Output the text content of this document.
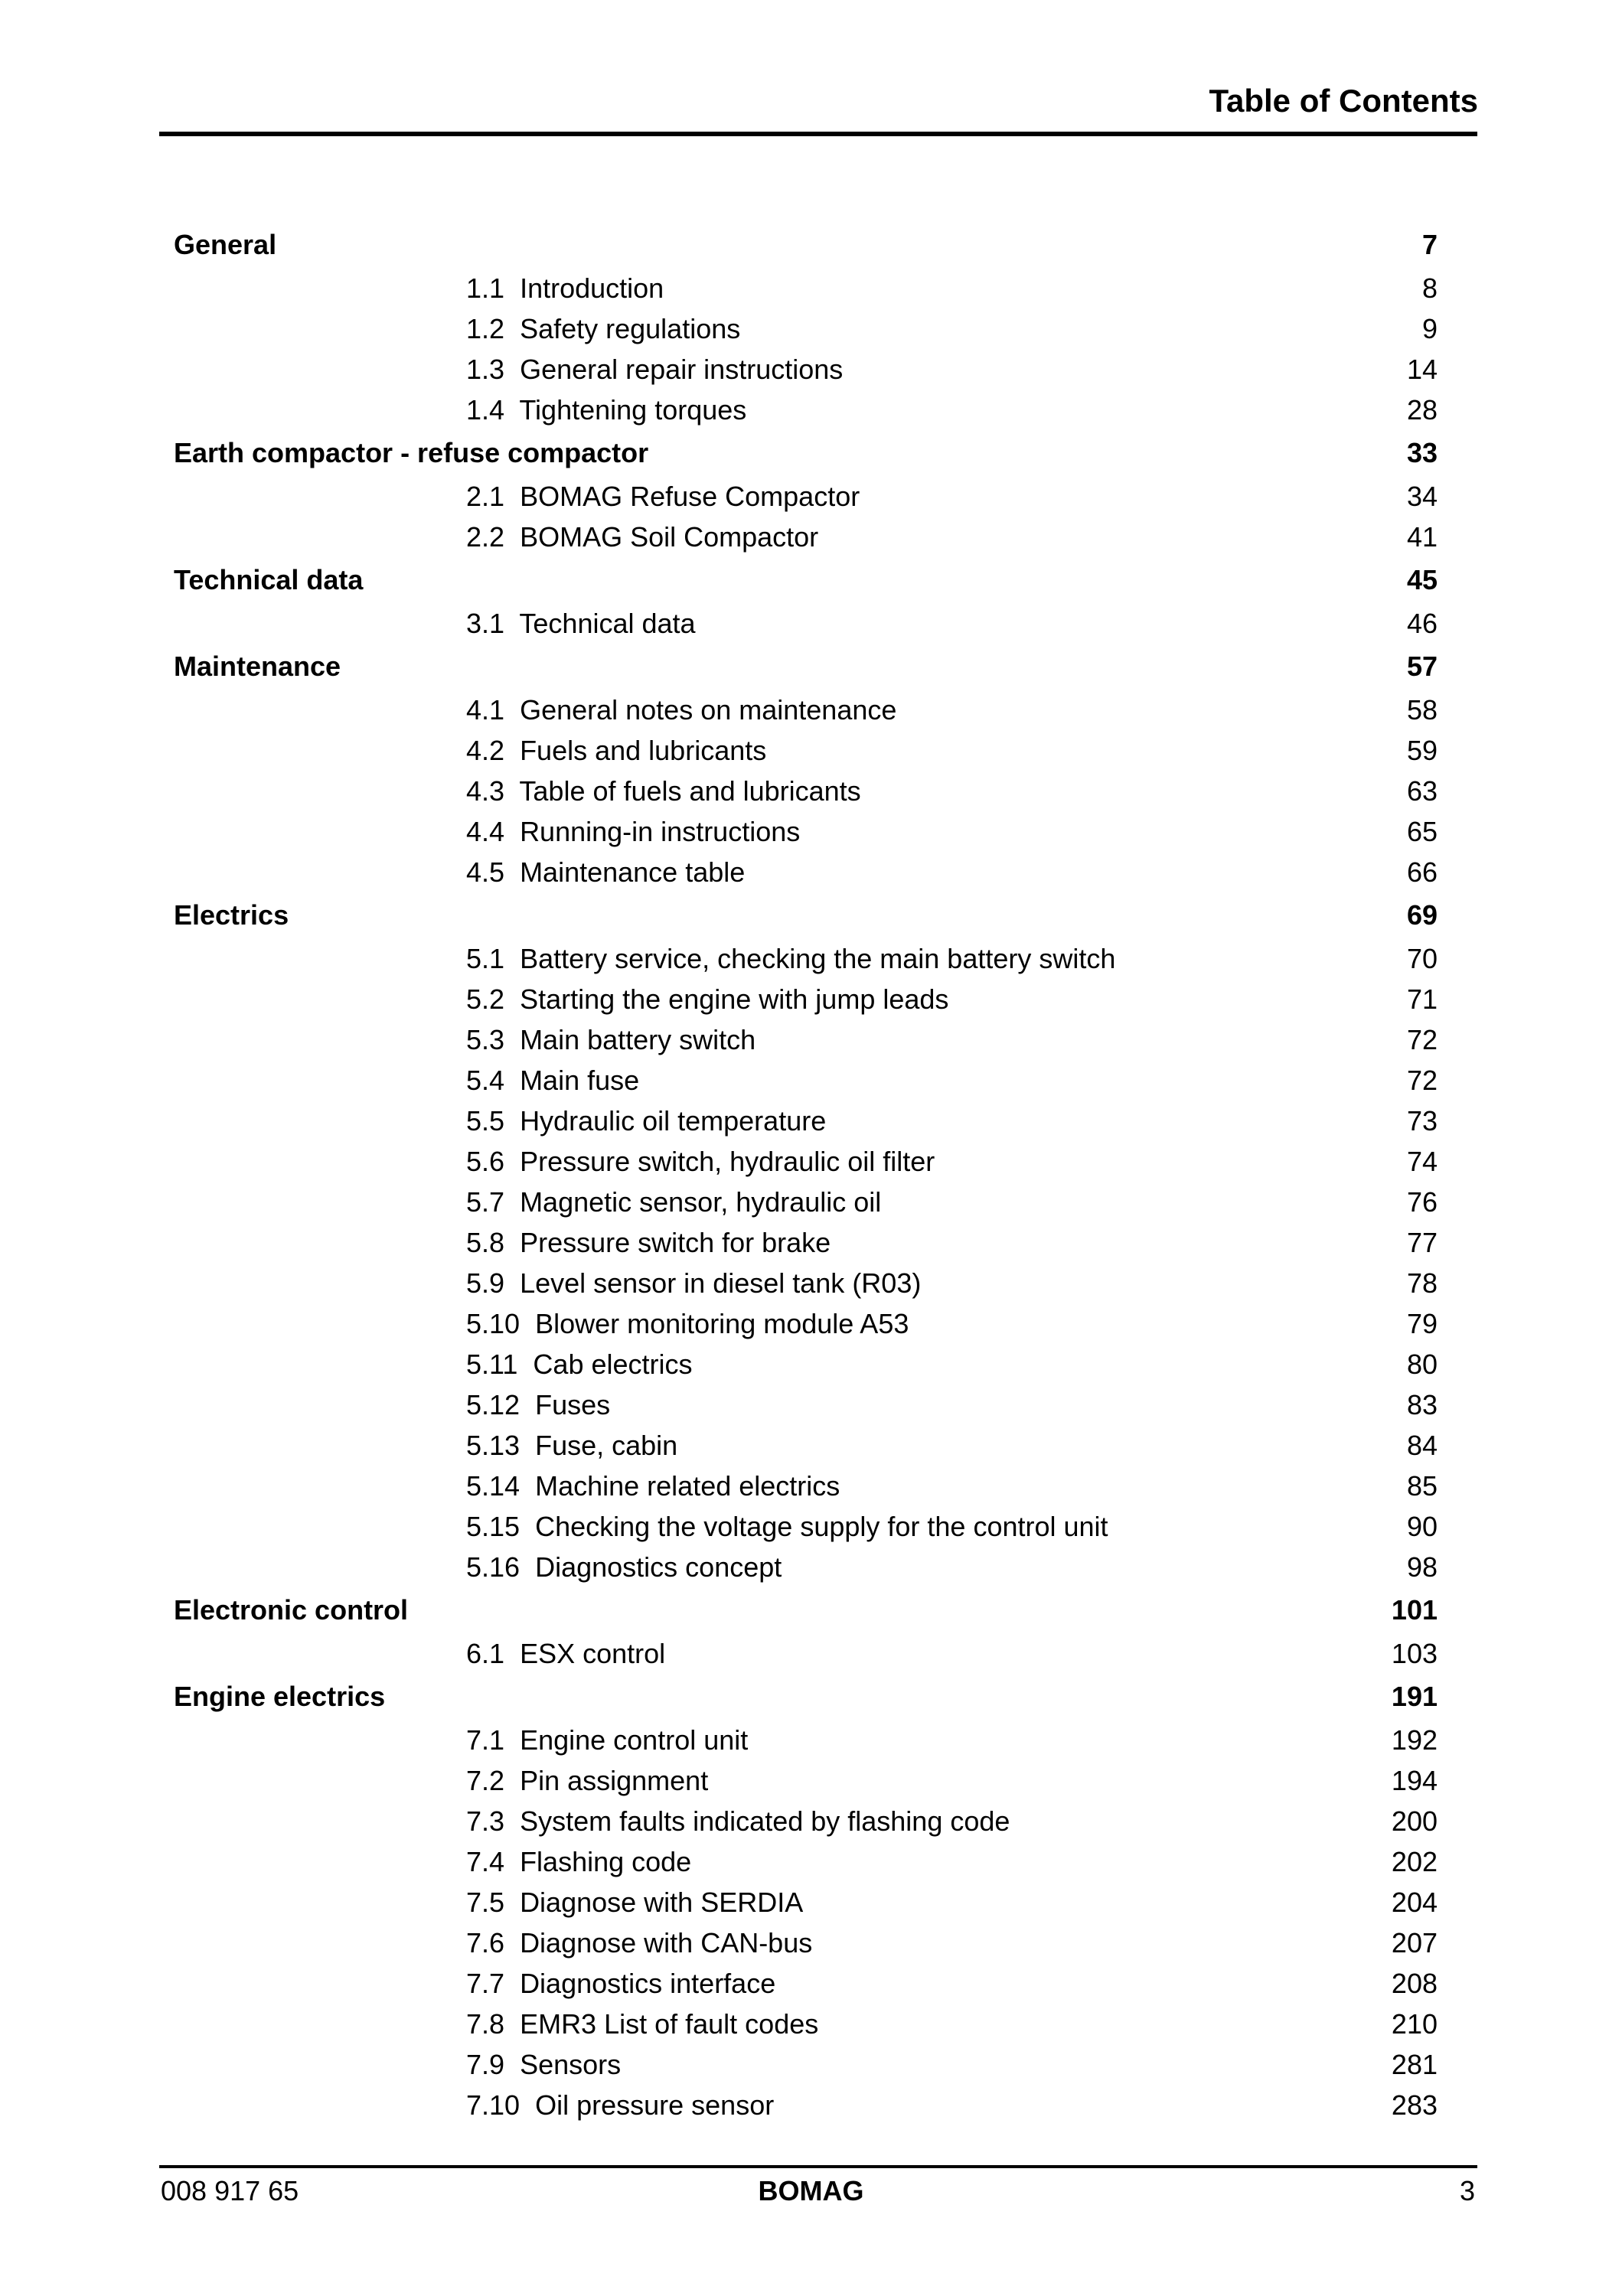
Table of Contents
General	7
1.1 Introduction	8
1.2 Safety regulations	9
1.3 General repair instructions	14
1.4 Tightening torques	28
Earth compactor - refuse compactor	33
2.1 BOMAG Refuse Compactor	34
2.2 BOMAG Soil Compactor	41
Technical data	45
3.1 Technical data	46
Maintenance	57
4.1 General notes on maintenance	58
4.2 Fuels and lubricants	59
4.3 Table of fuels and lubricants	63
4.4 Running-in instructions	65
4.5 Maintenance table	66
Electrics	69
5.1 Battery service, checking the main battery switch	70
5.2 Starting the engine with jump leads	71
5.3 Main battery switch	72
5.4 Main fuse	72
5.5 Hydraulic oil temperature	73
5.6 Pressure switch, hydraulic oil filter	74
5.7 Magnetic sensor, hydraulic oil	76
5.8 Pressure switch for brake	77
5.9 Level sensor in diesel tank (R03)	78
5.10 Blower monitoring module A53	79
5.11 Cab electrics	80
5.12 Fuses	83
5.13 Fuse, cabin	84
5.14 Machine related electrics	85
5.15 Checking the voltage supply for the control unit	90
5.16 Diagnostics concept	98
Electronic control	101
6.1 ESX control	103
Engine electrics	191
7.1 Engine control unit	192
7.2 Pin assignment	194
7.3 System faults indicated by flashing code	200
7.4 Flashing code	202
7.5 Diagnose with SERDIA	204
7.6 Diagnose with CAN-bus	207
7.7 Diagnostics interface	208
7.8 EMR3 List of fault codes	210
7.9 Sensors	281
7.10 Oil pressure sensor	283
008 917 65	BOMAG	3
